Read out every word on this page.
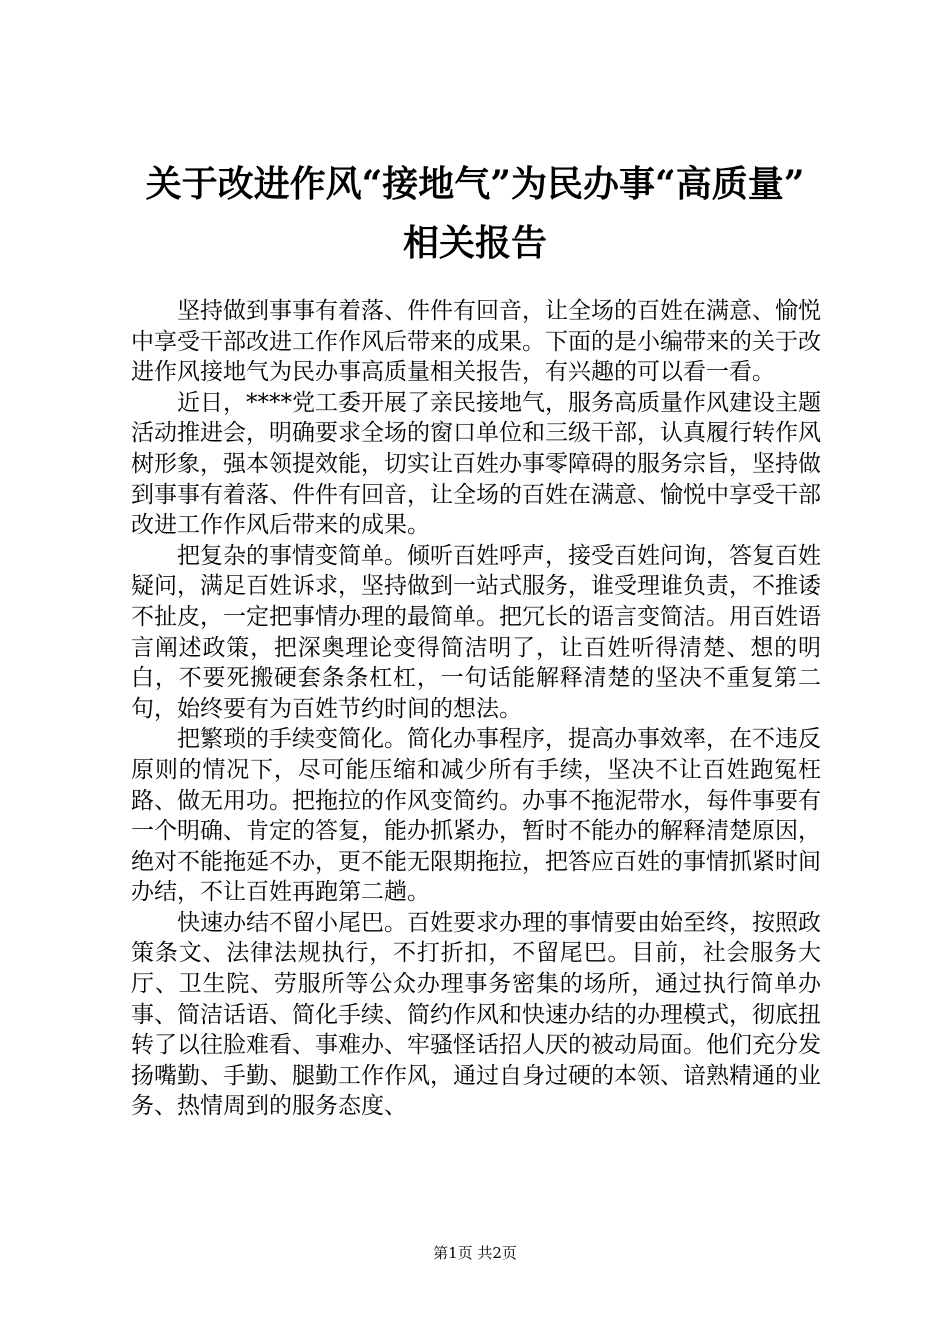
关于改进作风“接地气”为民办事“高质量”
相关报告

坚持做到事事有着落、件件有回音，让全场的百姓在满意、愉悦中享受干部改进工作作风后带来的成果。下面的是小编带来的关于改进作风接地气为民办事高质量相关报告，有兴趣的可以看一看。

近日，****党工委开展了亲民接地气，服务高质量作风建设主题活动推进会，明确要求全场的窗口单位和三级干部，认真履行转作风树形象，强本领提效能，切实让百姓办事零障碍的服务宗旨，坚持做到事事有着落、件件有回音，让全场的百姓在满意、愉悦中享受干部改进工作作风后带来的成果。

把复杂的事情变简单。倾听百姓呼声，接受百姓问询，答复百姓疑问，满足百姓诉求，坚持做到一站式服务，谁受理谁负责，不推诿不扯皮，一定把事情办理的最简单。把冗长的语言变简洁。用百姓语言阐述政策，把深奥理论变得简洁明了，让百姓听得清楚、想的明白，不要死搬硬套条条杠杠，一句话能解释清楚的坚决不重复第二句，始终要有为百姓节约时间的想法。

把繁琐的手续变简化。简化办事程序，提高办事效率，在不违反原则的情况下，尽可能压缩和减少所有手续，坚决不让百姓跑冤枉路、做无用功。把拖拉的作风变简约。办事不拖泥带水，每件事要有一个明确、肯定的答复，能办抓紧办，暂时不能办的解释清楚原因，绝对不能拖延不办，更不能无限期拖拉，把答应百姓的事情抓紧时间办结，不让百姓再跑第二趟。

快速办结不留小尾巴。百姓要求办理的事情要由始至终，按照政策条文、法律法规执行，不打折扣，不留尾巴。目前，社会服务大厅、卫生院、劳服所等公众办理事务密集的场所，通过执行简单办事、简洁话语、简化手续、简约作风和快速办结的办理模式，彻底扭转了以往脸难看、事难办、牢骚怪话招人厌的被动局面。他们充分发扬嘴勤、手勤、腿勤工作作风，通过自身过硬的本领、谙熟精通的业务、热情周到的服务态度、

第1页 共2页
